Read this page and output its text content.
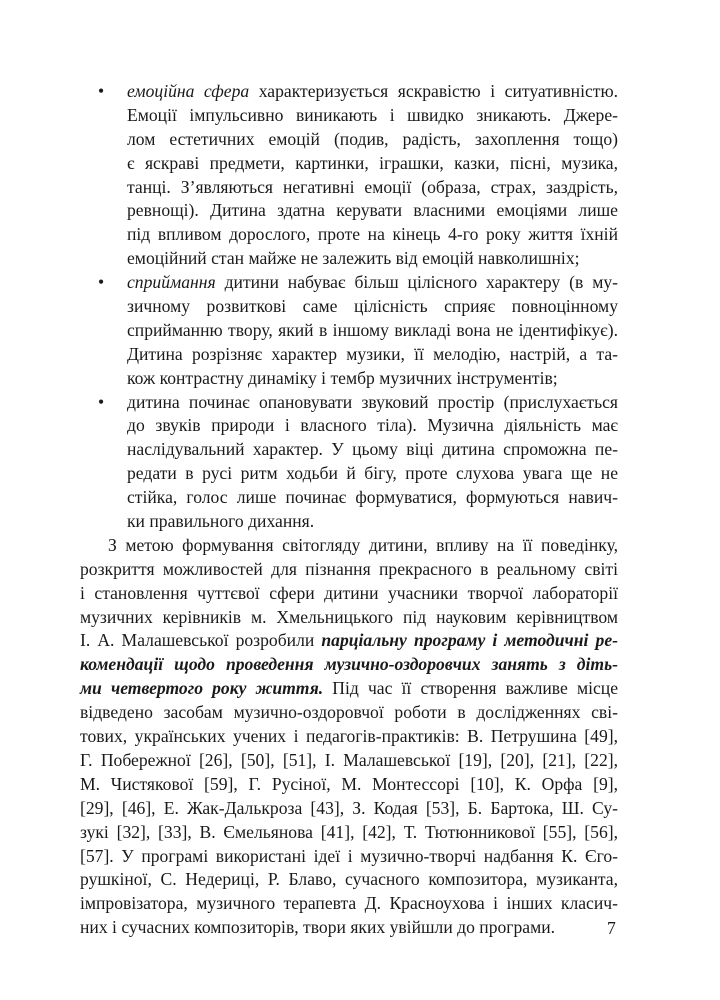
• емоційна сфера характеризується яскравістю і ситуативністю.
Емоції імпульсивно виникають і швидко зникають. Джере-
лом естетичних емоцій (подив, радість, захоплення тощо)
є яскраві предмети, картинки, іграшки, казки, пісні, музика,
танці. З’являються негативні емоції (образа, страх, заздрість,
ревнощі). Дитина здатна керувати власними емоціями лише
під впливом дорослого, проте на кінець 4-го року життя їхній
емоційний стан майже не залежить від емоцій навколишніх;
• сприймання дитини набуває більш цілісного характеру (в му-
зичному розвиткові саме цілісність сприяє повноцінному
сприйманню твору, який в іншому викладі вона не ідентифікує).
Дитина розрізняє характер музики, її мелодію, настрій, а та-
кож контрастну динаміку і тембр музичних інструментів;
• дитина починає опановувати звуковий простір (прислухається
до звуків природи і власного тіла). Музична діяльність має
наслідувальний характер. У цьому віці дитина спроможна пе-
редати в русі ритм ходьби й бігу, проте слухова увага ще не
стійка, голос лише починає формуватися, формуються навич-
ки правильного дихання.
З метою формування світогляду дитини, впливу на її поведінку,
розкриття можливостей для пізнання прекрасного в реальному світі
і становлення чуттєвої сфери дитини учасники творчої лабораторії
музичних керівників м. Хмельницького під науковим керівництвом
І. А. Малашевської розробили парціальну програму і методичні ре-
комендації щодо проведення музично-оздоровчих занять з діть-
ми четвертого року життя. Під час її створення важливе місце
відведено засобам музично-оздоровчої роботи в дослідженнях сві-
тових, українських учених і педагогів-практиків: В. Петрушина [49],
Г. Побережної [26], [50], [51], І. Малашевської [19], [20], [21], [22],
М. Чистякової [59], Г. Русіної, М. Монтессорі [10], К. Орфа [9],
[29], [46], Е. Жак-Далькроза [43], З. Кодая [53], Б. Бартока, Ш. Су-
зукі [32], [33], В. Ємельянова [41], [42], Т. Тютюнникової [55], [56],
[57]. У програмі використані ідеї і музично-творчі надбання К. Єго-
рушкіної, С. Недериці, Р. Блаво, сучасного композитора, музиканта,
імпровізатора, музичного терапевта Д. Красноухова і інших класич-
них і сучасних композиторів, твори яких увійшли до програми.	7
